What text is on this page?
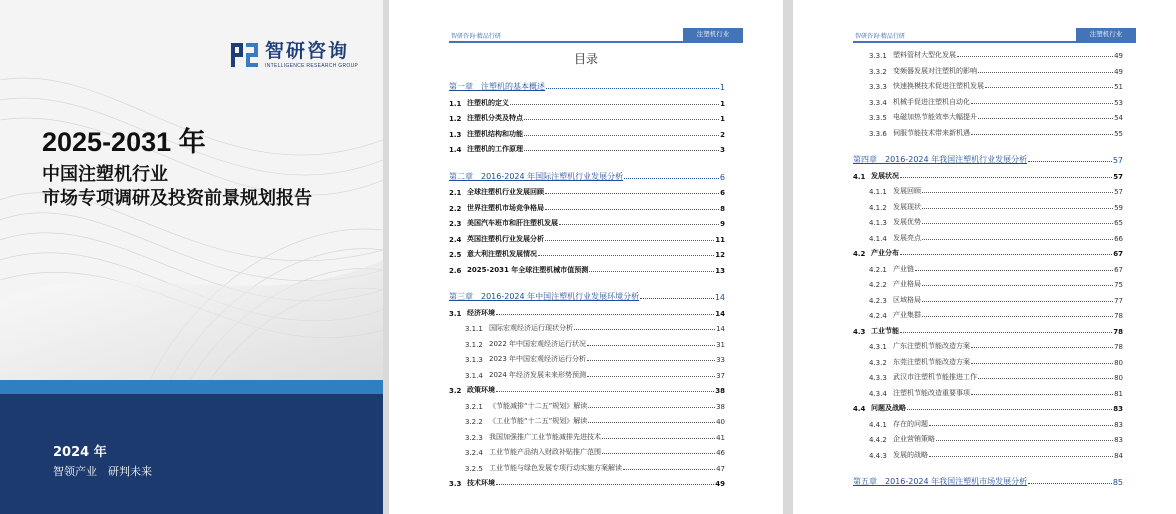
智研咨询
INTELLIGENCE RESEARCH GROUP
2025-2031 年
中国注塑机行业
市场专项调研及投资前景规划报告
2024 年
智领产业　研判未来
智研咨询·精品行研	注塑机行业
目录
第一章　注塑机的基本概述	1
1.1 注塑机的定义	1
1.2 注塑机分类及特点	1
1.3 注塑机结构和功能	2
1.4 注塑机的工作原理	3
第二章　2016-2024 年国际注塑机行业发展分析	6
2.1 全球注塑机行业发展回顾	6
2.2 世界注塑机市场竞争格局	8
2.3 美国汽车班市和肝注塑机发展	9
2.4 英国注塑机行业发展分析	11
2.5 意大利注塑机发展情况	12
2.6 2025-2031 年全球注塑机械市值预测	13
第三章　2016-2024 年中国注塑机行业发展环境分析	14
3.1 经济环境	14
3.1.1 国际宏观经济运行现状分析	14
3.1.2 2022 年中国宏观经济运行状况	31
3.1.3 2023 年中国宏观经济运行分析	33
3.1.4 2024 年经济发展未来形势预测	37
3.2 政策环境	38
3.2.1 《节能减排“十二五”规划》解读	38
3.2.2 《工业节能“十二五”规划》解读	40
3.2.3 我国加强推广工业节能减排先进技术	41
3.2.4 工业节能产品纳入财政补贴推广范围	46
3.2.5 工业节能与绿色发展专项行动实施方案解读	47
3.3 技术环境	49
智研咨询·精品行研	注塑机行业
3.3.1 塑料管材大型化发展	49
3.3.2 变频器发展对注塑机的影响	49
3.3.3 快速换模技术促进注塑机发展	51
3.3.4 机械手促进注塑机自动化	53
3.3.5 电磁加热节能效率大幅提升	54
3.3.6 伺服节能技术带来新机遇	55
第四章　2016-2024 年我国注塑机行业发展分析	57
4.1 发展状况	57
4.1.1 发展回顾	57
4.1.2 发展现状	59
4.1.3 发展优势	65
4.1.4 发展亮点	66
4.2 产业分布	67
4.2.1 产业链	67
4.2.2 产业格局	75
4.2.3 区域格局	77
4.2.4 产业集群	78
4.3 工业节能	78
4.3.1 广东注塑机节能改造方案	78
4.3.2 东莞注塑机节能改造方案	80
4.3.3 武汉市注塑机节能推进工作	80
4.3.4 注塑机节能改造重要事项	81
4.4 问题及战略	83
4.4.1 存在的问题	83
4.4.2 企业营销策略	83
4.4.3 发展的战略	84
第五章　2016-2024 年我国注塑机市场发展分析	85
